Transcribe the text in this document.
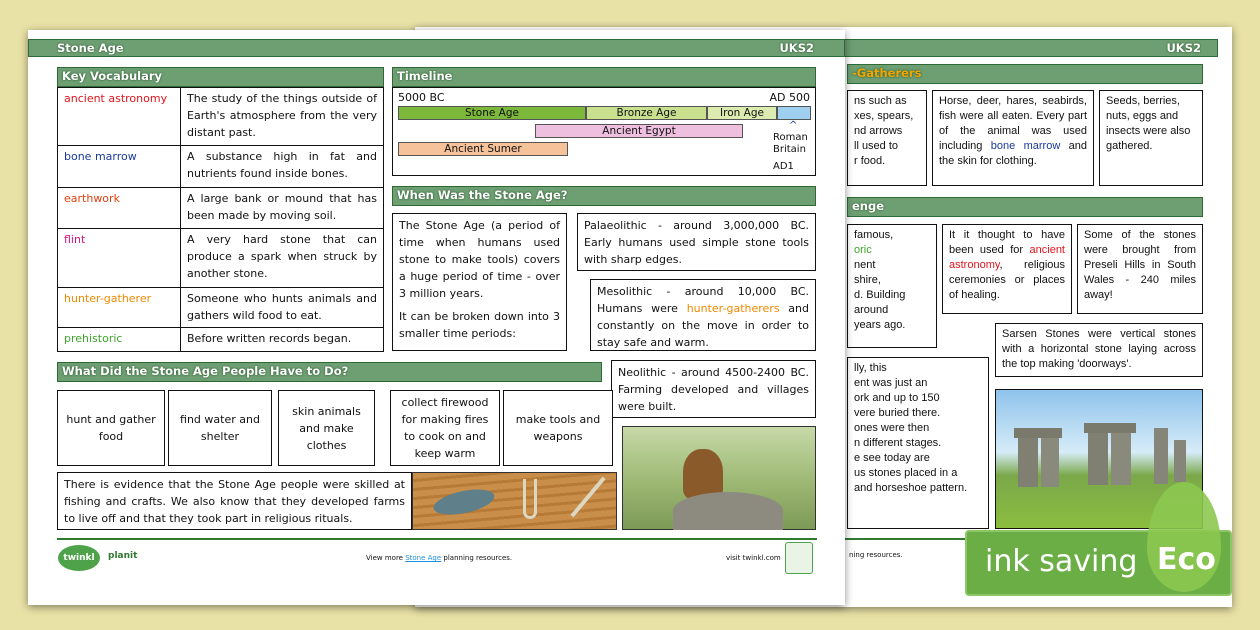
UKS2
-Gatherers
ns such as
xes, spears,
nd arrows
ll used to
r food.
Horse, deer, hares, seabirds, fish were all eaten. Every part of the animal was used including bone marrow and the skin for clothing.
Seeds, berries, nuts, eggs and insects were also gathered.
enge
famous,
oric
nent
shire,
d. Building
around
years ago.
It it thought to have been used for ancient astronomy, religious ceremonies or places of healing.
Some of the stones were brought from Preseli Hills in South Wales - 240 miles away!
Sarsen Stones were vertical stones with a horizontal stone laying across the top making 'doorways'.
lly, this
ent was just an
ork and up to 150
vere buried there.
ones were then
n different stages.
e see today are
us stones placed in a
and horseshoe pattern.
ning resources.
Stone Age	UKS2
Key Vocabulary
ancient astronomy	The study of the things outside of Earth's atmosphere from the very distant past.
bone marrow	A substance high in fat and nutrients found inside bones.
earthwork	A large bank or mound that has been made by moving soil.
flint	A very hard stone that can produce a spark when struck by another stone.
hunter-gatherer	Someone who hunts animals and gathers wild food to eat.
prehistoric	Before written records began.
Timeline
5000 BC	AD 500
Stone Age	Bronze Age	Iron Age
Ancient Egypt
Ancient Sumer
^
Roman Britain
AD1
When Was the Stone Age?

The Stone Age (a period of time when humans used stone to make tools) covers a huge period of time - over 3 million years.

It can be broken down into 3 smaller time periods:

Palaeolithic - around 3,000,000 BC. Early humans used simple stone tools with sharp edges.
Mesolithic - around 10,000 BC. Humans were hunter-gatherers and constantly on the move in order to stay safe and warm.
Neolithic - around 4500-2400 BC. Farming developed and villages were built.
What Did the Stone Age People Have to Do?
hunt and gather food
find water and shelter
skin animals and make clothes
collect firewood for making fires to cook on and keep warm
make tools and weapons
There is evidence that the Stone Age people were skilled at fishing and crafts. We also know that they developed farms to live off and that they took part in religious rituals.
twinkl	planit	View more Stone Age planning resources.	visit twinkl.com	ink saving Eco
